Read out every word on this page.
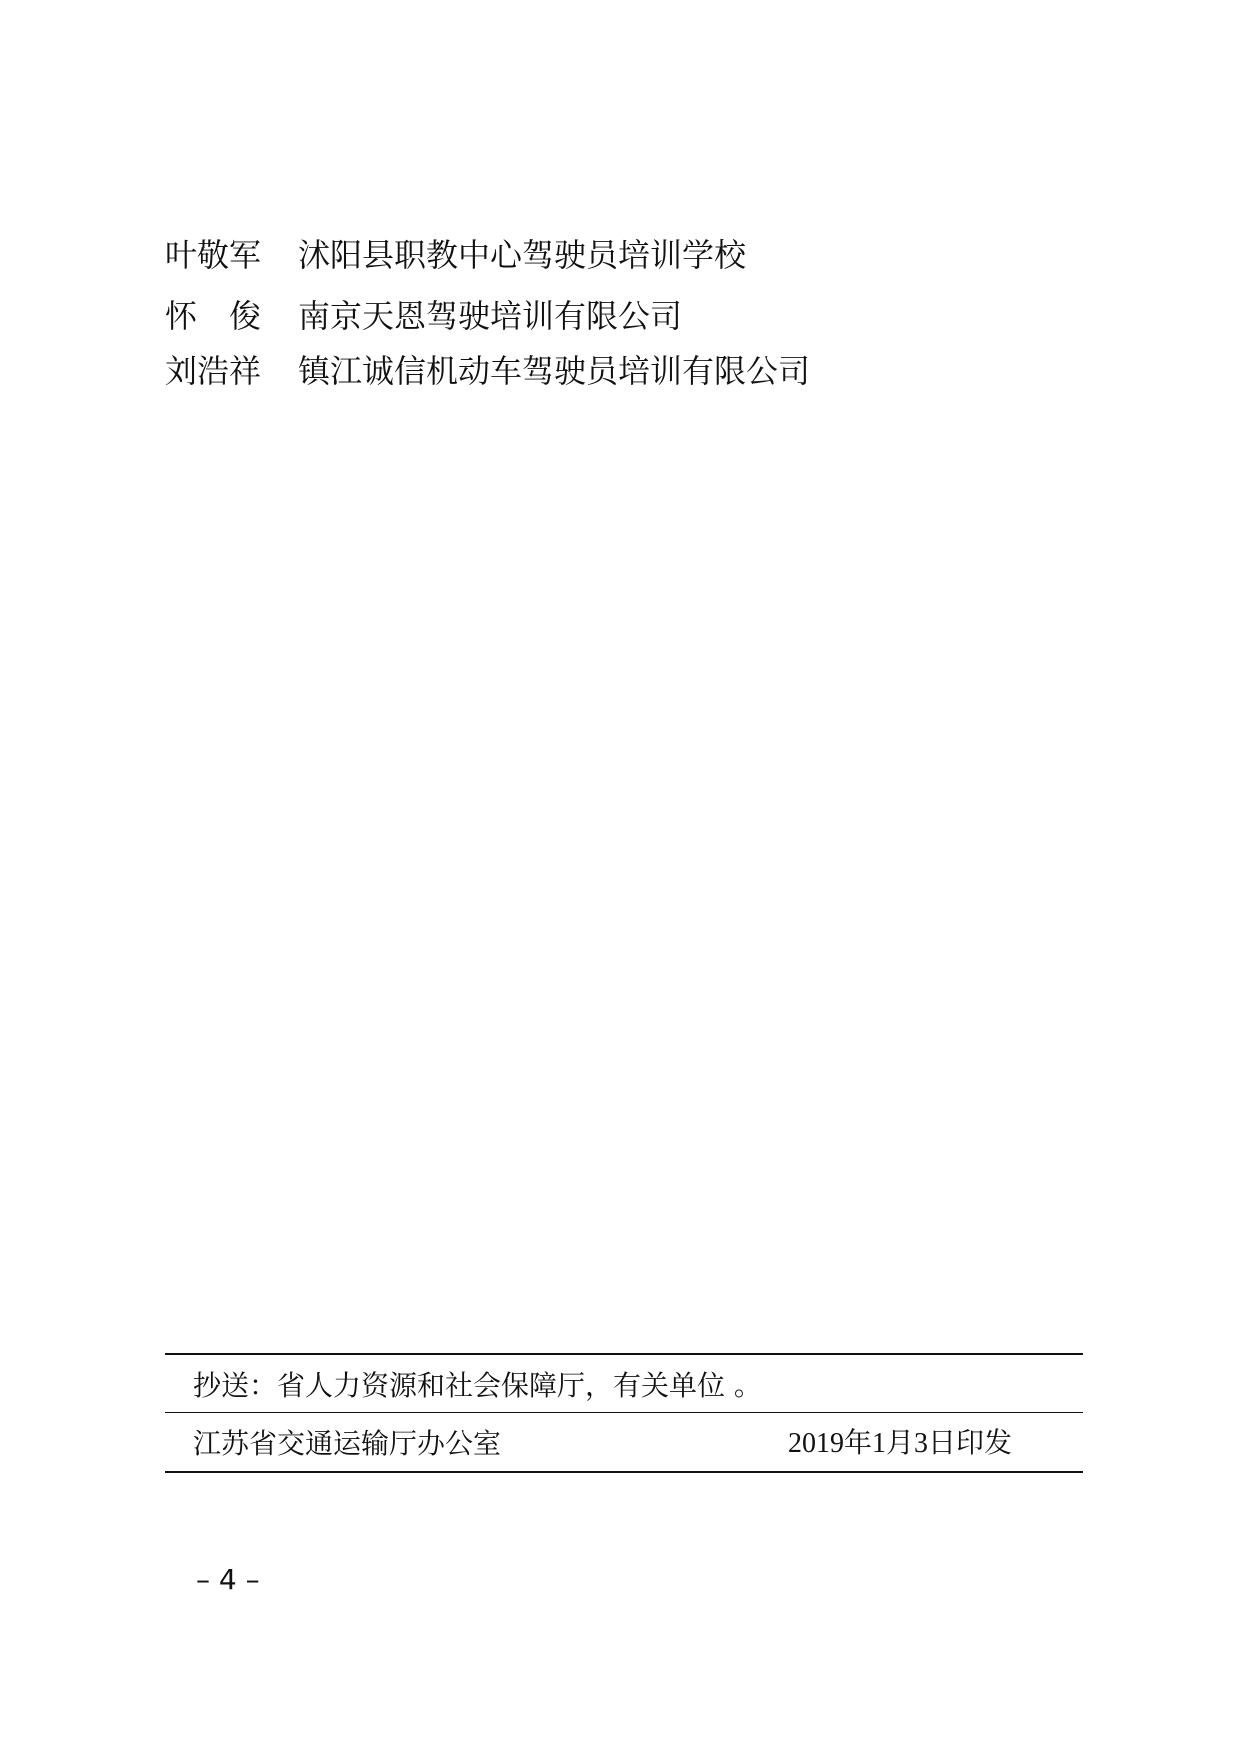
叶敬军 沭阳县职教中心驾驶员培训学校
怀　俊 南京天恩驾驶培训有限公司
刘浩祥 镇江诚信机动车驾驶员培训有限公司
抄送：省人力资源和社会保障厅，有关单位 。
江苏省交通运输厅办公室	2019年1月3日印发
– 4 –
